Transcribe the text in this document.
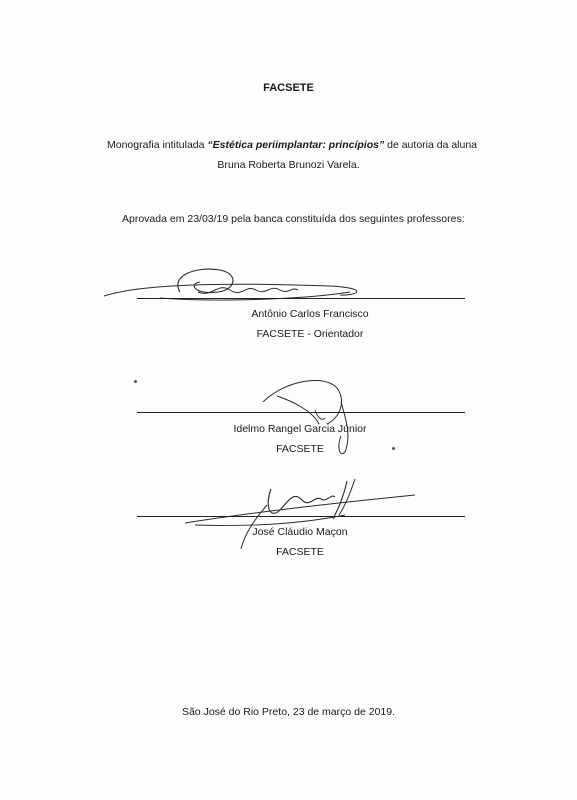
FACSETE
Monografia intitulada “Estética periimplantar: princípios” de autoria da aluna
Bruna Roberta Brunozi Varela.
Aprovada em 23/03/19 pela banca constituída dos seguintes professores:
Antônio Carlos Francisco
FACSETE - Orientador
Idelmo Rangel Garcia Júnior
FACSETE
José Cláudio Maçon
FACSETE
São José do Rio Preto, 23 de março de 2019.
